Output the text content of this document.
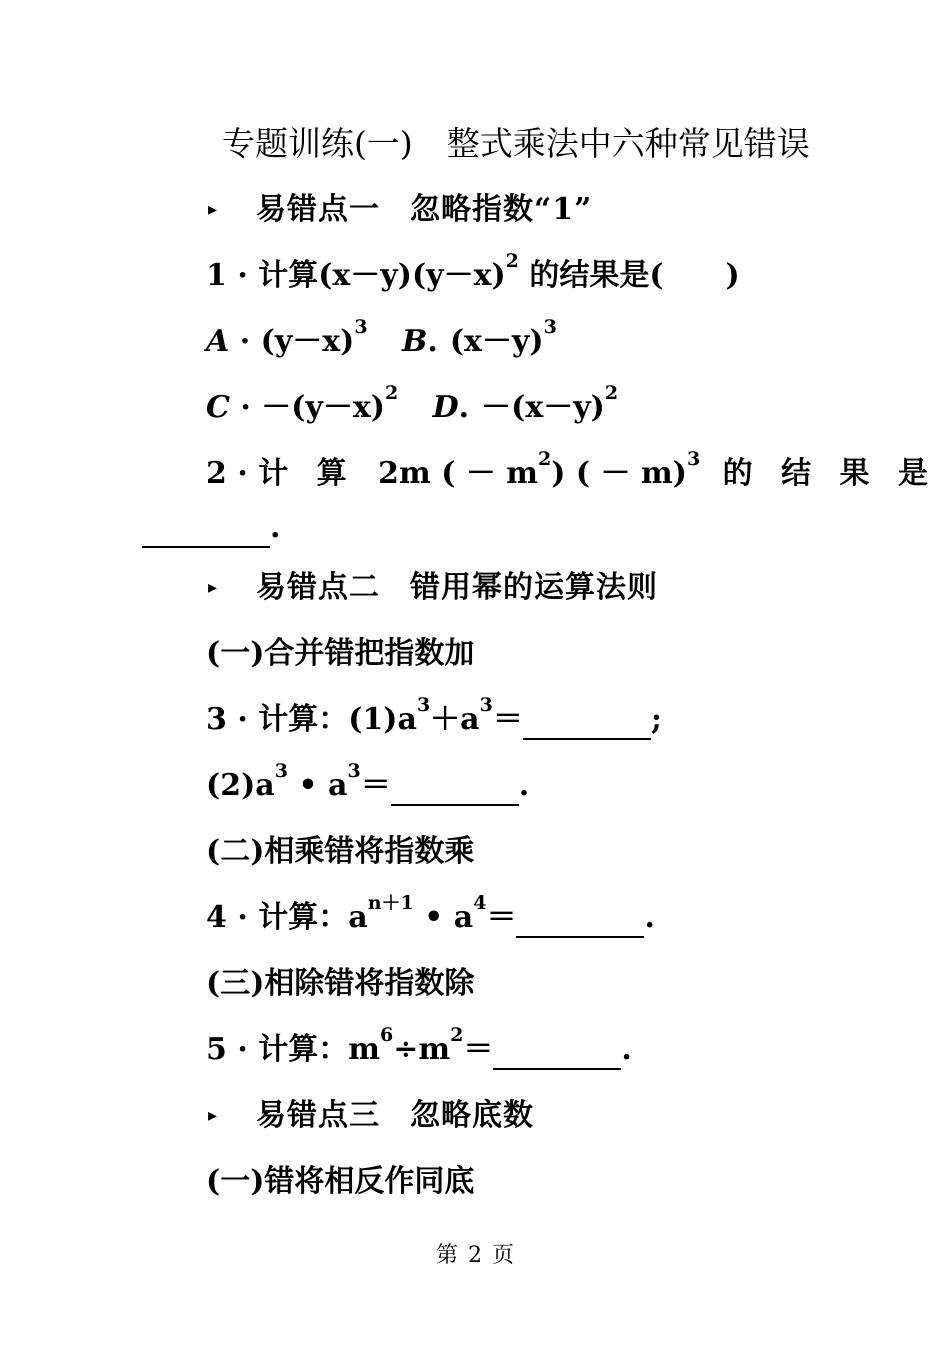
专题训练(一) 整式乘法中六种常见错误
▸ 易错点一 忽略指数“1”
1 · 计算$(x-y)(y-x)^2$ 的结果是( )
$A \cdot (y-x)^3$ B. $(x-y)^3$
$C \cdot -(y-x)^2$ D. $-(x-y)^2$
2 · 计 算 2m ( － $m^2$) ( － m)$^3$ 的 结 果 是
.
▸ 易错点二 错用幂的运算法则
(一)合并错把指数加
3 · 计算：$(1)a^3+a^3=$	;
$(2)a^3$ • $a^3=$	.
(二)相乘错将指数乘
4 · 计算：$a^{n+1}$ • $a^4=$	.
(三)相除错将指数除
5 · 计算：$m^6\div m^2=$	.
▸ 易错点三 忽略底数
(一)错将相反作同底
第 2 页
